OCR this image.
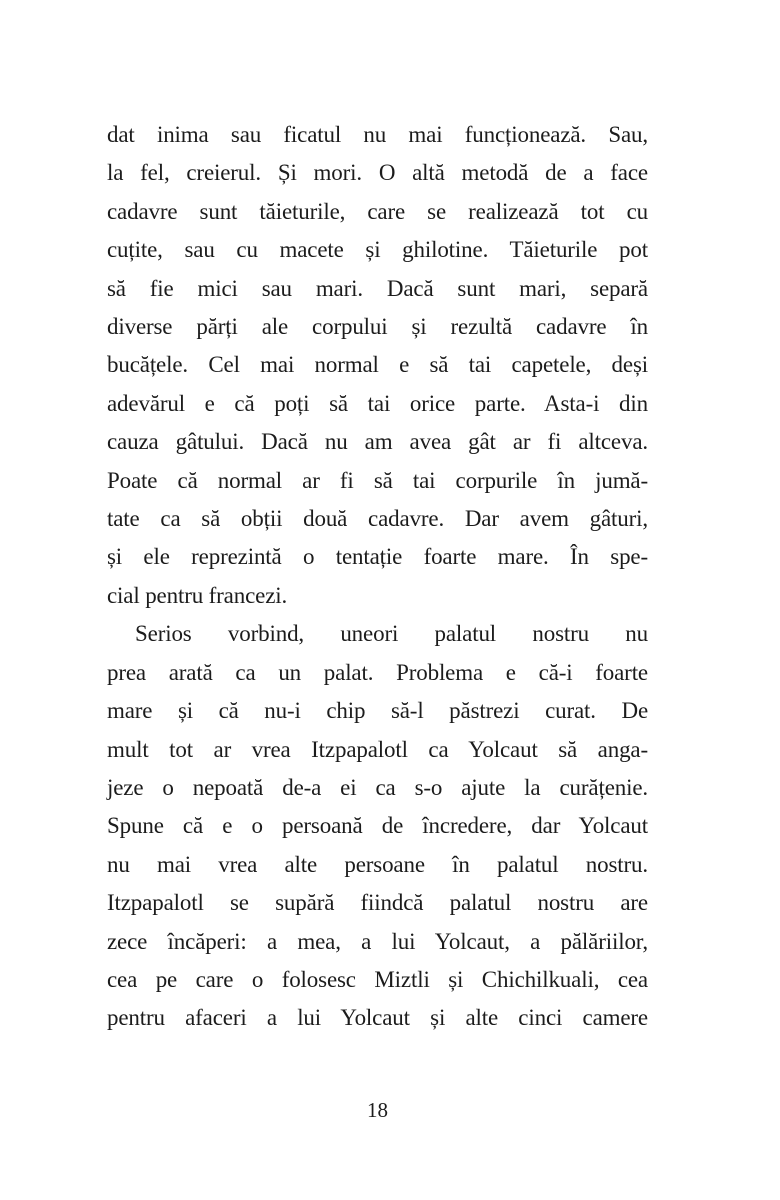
dat inima sau ficatul nu mai funcționează. Sau,
la fel, creierul. Și mori. O altă metodă de a face
cadavre sunt tăieturile, care se realizează tot cu
cuțite, sau cu macete și ghilotine. Tăieturile pot
să fie mici sau mari. Dacă sunt mari, separă
diverse părți ale corpului și rezultă cadavre în
bucățele. Cel mai normal e să tai capetele, deși
adevărul e că poți să tai orice parte. Asta-i din
cauza gâtului. Dacă nu am avea gât ar fi altceva.
Poate că normal ar fi să tai corpurile în jumă-
tate ca să obții două cadavre. Dar avem gâturi,
și ele reprezintă o tentație foarte mare. În spe-
cial pentru francezi.
Serios vorbind, uneori palatul nostru nu
prea arată ca un palat. Problema e că-i foarte
mare și că nu-i chip să-l păstrezi curat. De
mult tot ar vrea Itzpapalotl ca Yolcaut să anga-
jeze o nepoată de-a ei ca s-o ajute la curățenie.
Spune că e o persoană de încredere, dar Yolcaut
nu mai vrea alte persoane în palatul nostru.
Itzpapalotl se supără fiindcă palatul nostru are
zece încăperi: a mea, a lui Yolcaut, a pălăriilor,
cea pe care o folosesc Miztli și Chichilkuali, cea
pentru afaceri a lui Yolcaut și alte cinci camere
18
